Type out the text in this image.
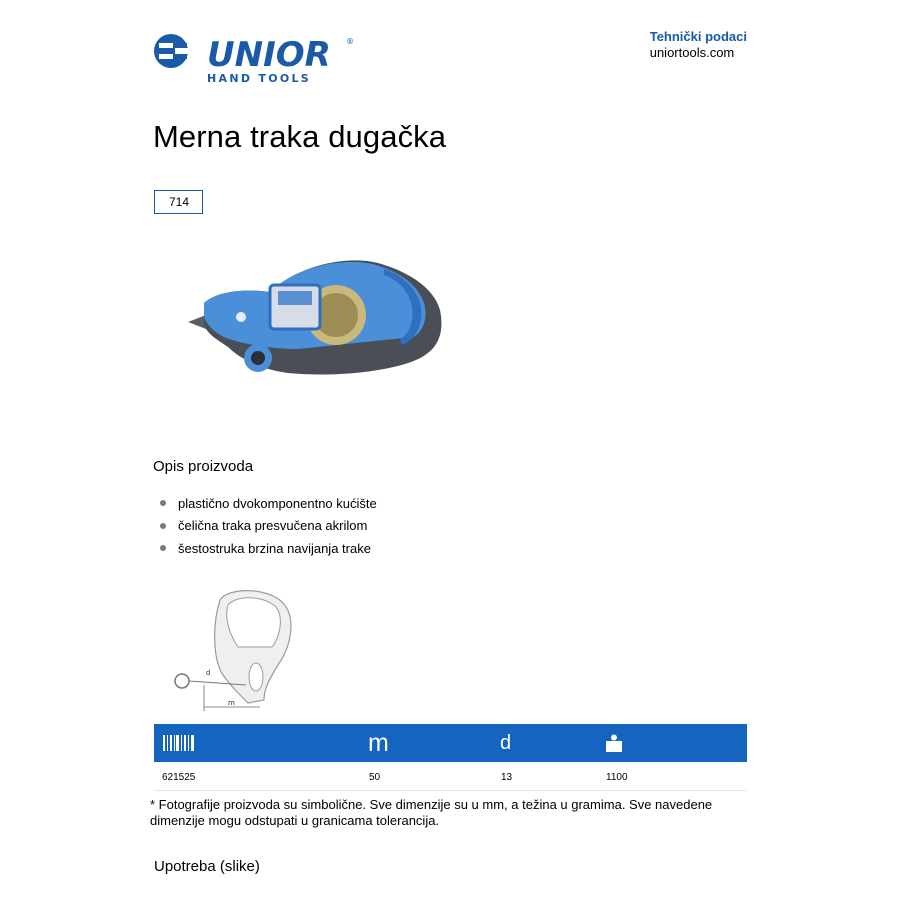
UNIOR ®
HAND TOOLS
Tehnički podaci
uniortools.com
Merna traka dugačka
714
Opis proizvoda
plastično dvokomponentno kućište
čelična traka presvučena akrilom
šestostruka brzina navijanja trake
m
d
m	d
621525	50	13	1100
* Fotografije proizvoda su simbolične. Sve dimenzije su u mm, a težina u gramima. Sve navedene dimenzije mogu odstupati u granicama tolerancija.
Upotreba (slike)
